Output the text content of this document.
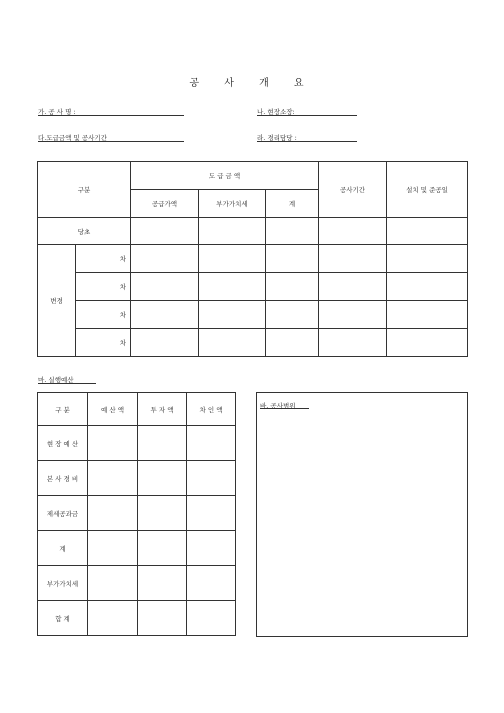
공 사 개 요
가. 공 사 명 :	나. 현장소장:
다.도급금액 및 공사기간	라. 경리담당 :
구분		도 급 금 액			공사기간	설치 및 준공일
		공급가액	부가가치세	계		
당초						
변경	차					
	차					
	차					
	차					
마. 실행예산
구 분	예 산 액	투 자 액	차 인 액
현 장 예 산			
본 사 경 비			
제세공과금			
계			
부가가치세			
합 계			
바. 공사범위
